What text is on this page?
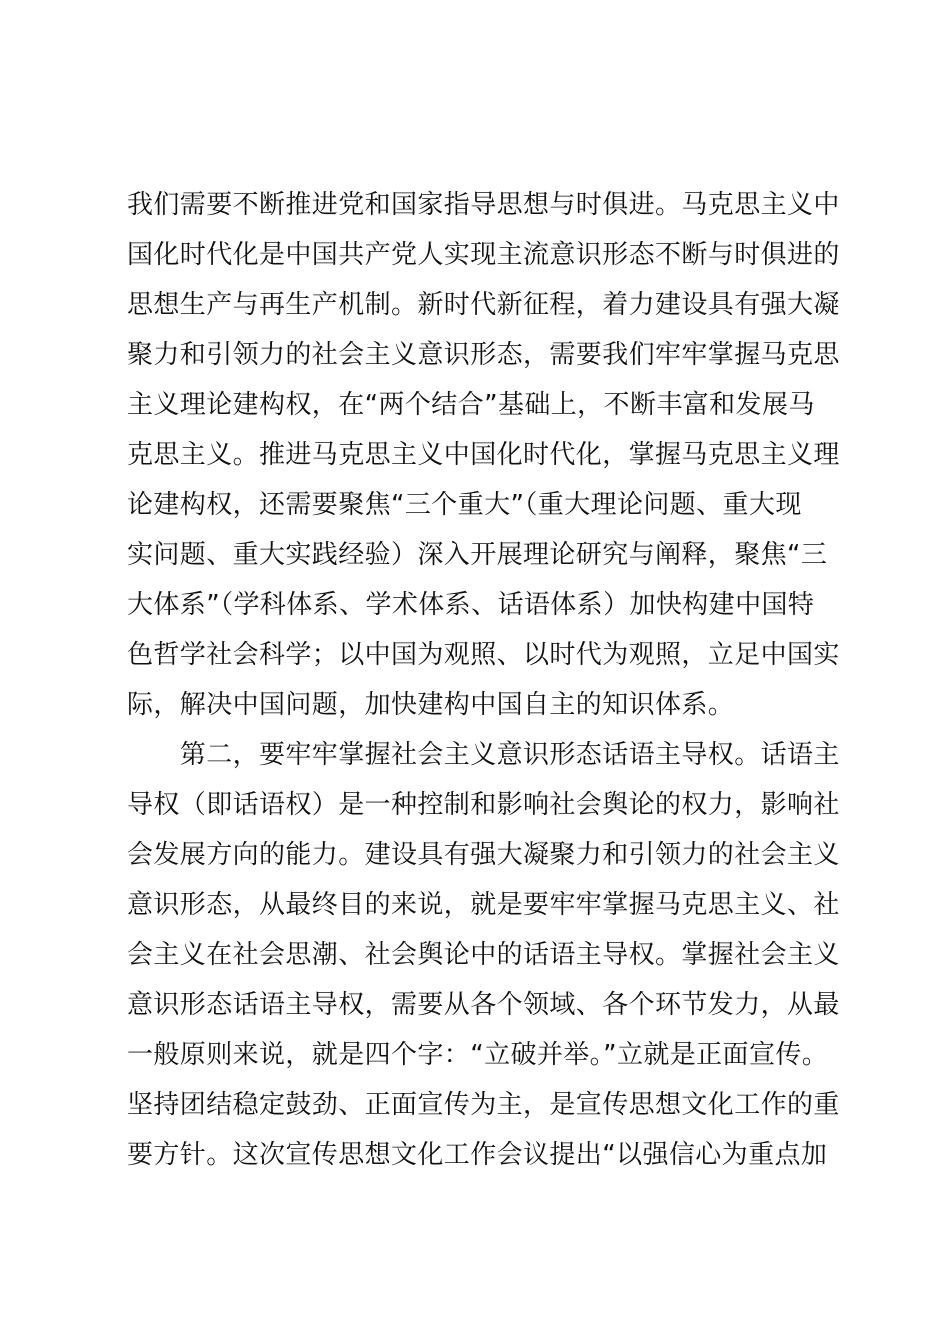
我们需要不断推进党和国家指导思想与时俱进。马克思主义中
国化时代化是中国共产党人实现主流意识形态不断与时俱进的
思想生产与再生产机制。新时代新征程，着力建设具有强大凝
聚力和引领力的社会主义意识形态，需要我们牢牢掌握马克思
主义理论建构权，在“两个结合”基础上，不断丰富和发展马
克思主义。推进马克思主义中国化时代化，掌握马克思主义理
论建构权，还需要聚焦“三个重大”（重大理论问题、重大现
实问题、重大实践经验）深入开展理论研究与阐释，聚焦“三
大体系”（学科体系、学术体系、话语体系）加快构建中国特
色哲学社会科学；以中国为观照、以时代为观照，立足中国实
际，解决中国问题，加快建构中国自主的知识体系。
　　第二，要牢牢掌握社会主义意识形态话语主导权。话语主
导权（即话语权）是一种控制和影响社会舆论的权力，影响社
会发展方向的能力。建设具有强大凝聚力和引领力的社会主义
意识形态，从最终目的来说，就是要牢牢掌握马克思主义、社
会主义在社会思潮、社会舆论中的话语主导权。掌握社会主义
意识形态话语主导权，需要从各个领域、各个环节发力，从最
一般原则来说，就是四个字：“立破并举。”立就是正面宣传。
坚持团结稳定鼓劲、正面宣传为主，是宣传思想文化工作的重
要方针。这次宣传思想文化工作会议提出“以强信心为重点加
